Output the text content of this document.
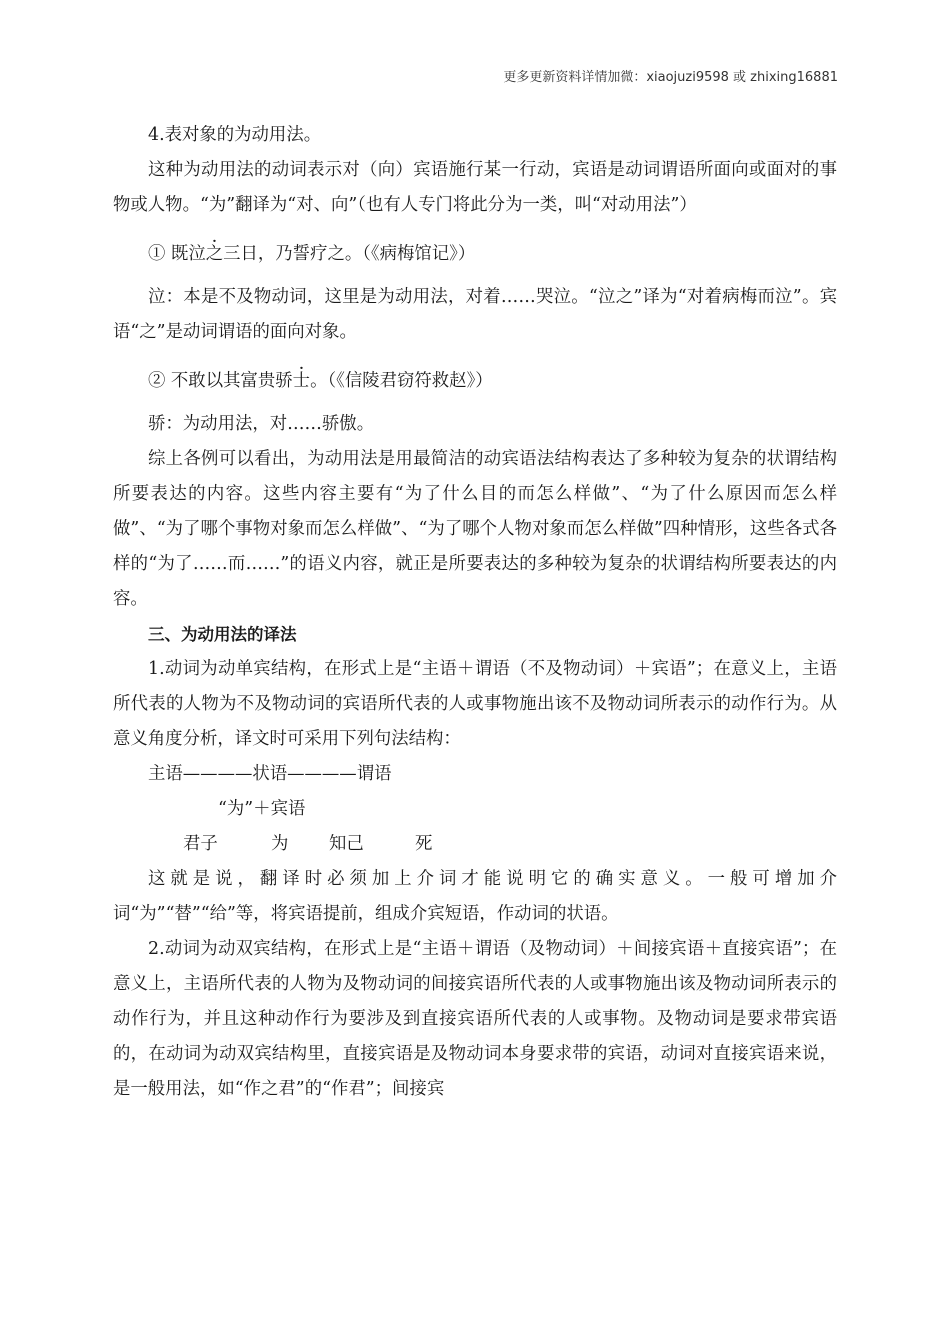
更多更新资料详情加微：xiaojuzi9598 或 zhixing16881

4.表对象的为动用法。

这种为动用法的动词表示对（向）宾语施行某一行动，宾语是动词谓语所面向或面对的事物或人物。“为”翻译为“对、向”（也有人专门将此分为一类，叫“对动用法”）

① 既泣之三日，乃誓疗之。（《病梅馆记》）

泣：本是不及物动词，这里是为动用法，对着……哭泣。“泣之”译为“对着病梅而泣”。宾语“之”是动词谓语的面向对象。

② 不敢以其富贵骄士。（《信陵君窃符救赵》）

骄：为动用法，对……骄傲。

综上各例可以看出，为动用法是用最简洁的动宾语法结构表达了多种较为复杂的状谓结构所要表达的内容。这些内容主要有“为了什么目的而怎么样做”、“为了什么原因而怎么样做”、“为了哪个事物对象而怎么样做”、“为了哪个人物对象而怎么样做”四种情形，这些各式各样的“为了……而……”的语义内容，就正是所要表达的多种较为复杂的状谓结构所要表达的内容。

三、为动用法的译法

1.动词为动单宾结构，在形式上是“主语＋谓语（不及物动词）＋宾语”；在意义上，主语所代表的人物为不及物动词的宾语所代表的人或事物施出该不及物动词所表示的动作行为。从意义角度分析，译文时可采用下列句法结构：

主语————状语————谓语

“为”＋宾语

君子	为 知己	死

这就是说，翻译时必须加上介词才能说明它的确实意义。一般可增加介词“为”“替”“给”等，将宾语提前，组成介宾短语，作动词的状语。

2.动词为动双宾结构，在形式上是“主语＋谓语（及物动词）＋间接宾语＋直接宾语”；在意义上，主语所代表的人物为及物动词的间接宾语所代表的人或事物施出该及物动词所表示的动作行为，并且这种动作行为要涉及到直接宾语所代表的人或事物。及物动词是要求带宾语的，在动词为动双宾结构里，直接宾语是及物动词本身要求带的宾语，动词对直接宾语来说，是一般用法，如“作之君”的“作君”；间接宾
